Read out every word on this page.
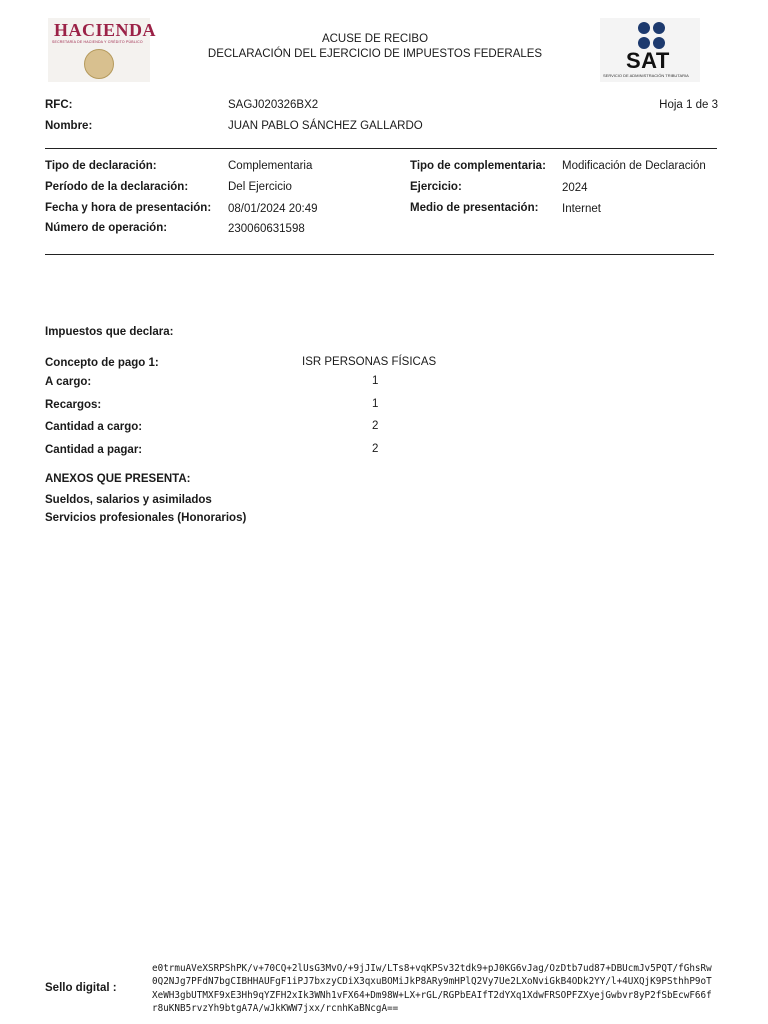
HACIENDA
SECRETARÍA DE HACIENDA Y CRÉDITO PÚBLICO	ACUSE DE RECIBO
DECLARACIÓN DEL EJERCICIO DE IMPUESTOS FEDERALES	SAT
SERVICIO DE ADMINISTRACIÓN TRIBUTARIA
RFC:	SAGJ020326BX2	Hoja 1 de 3
Nombre:	JUAN PABLO SÁNCHEZ GALLARDO
Tipo de declaración:	Complementaria	Tipo de complementaria: Modificación de Declaración
Período de la declaración:	Del Ejercicio	Ejercicio:	2024
Fecha y hora de presentación: 08/01/2024 20:49	Medio de presentación: Internet
Número de operación:	230060631598
Impuestos que declara:
Concepto de pago 1:	ISR PERSONAS FÍSICAS
A cargo:	1
Recargos:	1
Cantidad a cargo:	2
Cantidad a pagar:	2
ANEXOS QUE PRESENTA:
Sueldos, salarios y asimilados
Servicios profesionales (Honorarios)
Sello digital :
e0trmuAVeXSRPShPK/v+70CQ+2lUsG3MvO/+9jJIw/LTs8+vqKPSv32tdk9+pJ0KG6vJag/OzDtb7ud87+DBUcmJv5PQT/fGhsRw
0Q2NJg7PFdN7bgCIBHHAUFgF1iPJ7bxzyCDiX3qxuBOMiJkP8ARy9mHPlQ2Vy7Ue2LXoNviGkB4ODk2YY/l+4UXQjK9PSthhP9oT
XeWH3gbUTMXF9xE3Hh9qYZFH2xIk3WNh1vFX64+Dm98W+LX+rGL/RGPbEAIfT2dYXq1XdwFRSOPFZXyejGwbvr8yP2fSbEcwF66f
r8uKNB5rvzYh9btgA7A/wJkKWW7jxx/rcnhKaBNcgA==
